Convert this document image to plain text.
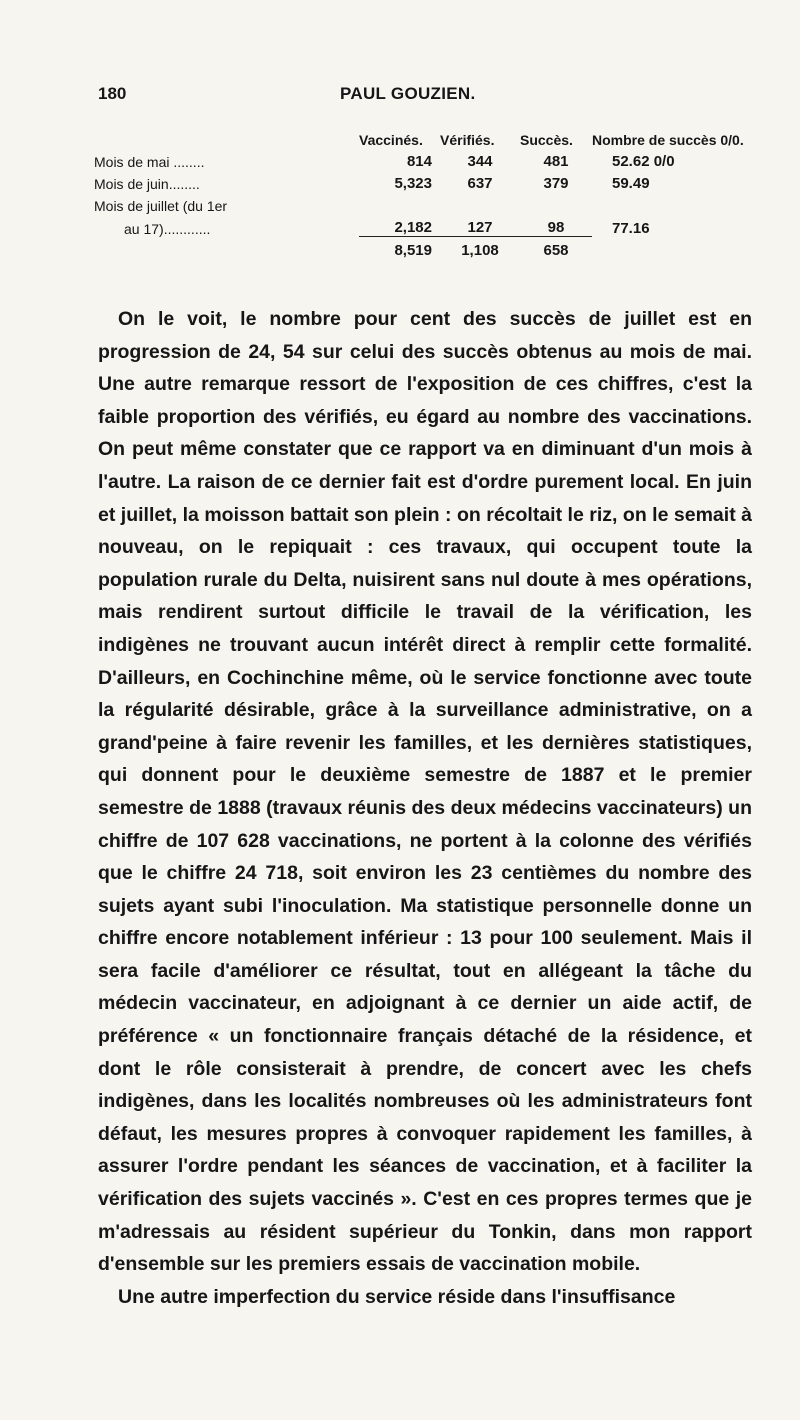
180	PAUL GOUZIEN.
	Vaccinés.	Vérifiés.	Succès.	Nombre de succès 0/0.
Mois de mai ........	814	344	481	52.62 0/0
Mois de juin........	5,323	637	379	59.49
Mois de juillet (du 1er				
au 17)............	2,182	127	98	77.16
	8,519	1,108	658	

On le voit, le nombre pour cent des succès de juillet est en progression de 24, 54 sur celui des succès obtenus au mois de mai. Une autre remarque ressort de l'exposition de ces chiffres, c'est la faible proportion des vérifiés, eu égard au nombre des vaccinations. On peut même constater que ce rapport va en diminuant d'un mois à l'autre. La raison de ce dernier fait est d'ordre purement local. En juin et juillet, la moisson battait son plein : on récoltait le riz, on le semait à nouveau, on le repiquait : ces travaux, qui occupent toute la population rurale du Delta, nuisirent sans nul doute à mes opérations, mais rendirent surtout difficile le travail de la vérification, les indigènes ne trouvant aucun intérêt direct à remplir cette formalité. D'ailleurs, en Cochinchine même, où le service fonctionne avec toute la régularité désirable, grâce à la surveillance administrative, on a grand'peine à faire revenir les familles, et les dernières statistiques, qui donnent pour le deuxième semestre de 1887 et le premier semestre de 1888 (travaux réunis des deux médecins vaccinateurs) un chiffre de 107 628 vaccinations, ne portent à la colonne des vérifiés que le chiffre 24 718, soit environ les 23 centièmes du nombre des sujets ayant subi l'inoculation. Ma statistique personnelle donne un chiffre encore notablement inférieur : 13 pour 100 seulement. Mais il sera facile d'améliorer ce résultat, tout en allégeant la tâche du médecin vaccinateur, en adjoignant à ce dernier un aide actif, de préférence « un fonctionnaire français détaché de la résidence, et dont le rôle consisterait à prendre, de concert avec les chefs indigènes, dans les localités nombreuses où les administrateurs font défaut, les mesures propres à convoquer rapidement les familles, à assurer l'ordre pendant les séances de vaccination, et à faciliter la vérification des sujets vaccinés ». C'est en ces propres termes que je m'adressais au résident supérieur du Tonkin, dans mon rapport d'ensemble sur les premiers essais de vaccination mobile.

Une autre imperfection du service réside dans l'insuffisance
